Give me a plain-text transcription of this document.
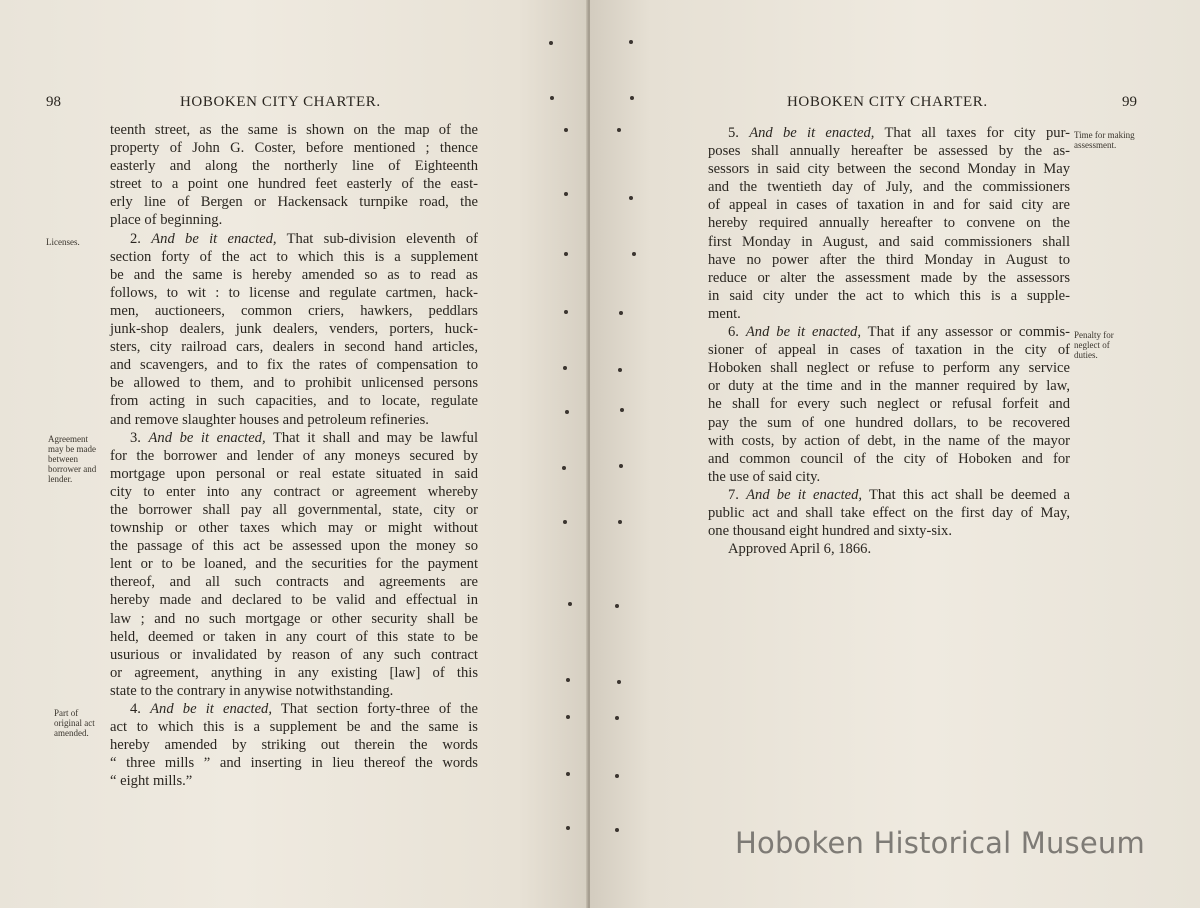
98	HOBOKEN CITY CHARTER.
teenth street, as the same is shown on the map of the
property of John G. Coster, before mentioned ; thence
easterly and along the northerly line of Eighteenth
street to a point one hundred feet easterly of the east-
erly line of Bergen or Hackensack turnpike road, the
place of beginning.
2. And be it enacted, That sub-division eleventh of
section forty of the act to which this is a supplement
be and the same is hereby amended so as to read as
follows, to wit : to license and regulate cartmen, hack-
men, auctioneers, common criers, hawkers, peddlars
junk-shop dealers, junk dealers, venders, porters, huck-
sters, city railroad cars, dealers in second hand articles,
and scavengers, and to fix the rates of compensation to
be allowed to them, and to prohibit unlicensed persons
from acting in such capacities, and to locate, regulate
and remove slaughter houses and petroleum refineries.
3. And be it enacted, That it shall and may be lawful
for the borrower and lender of any moneys secured by
mortgage upon personal or real estate situated in said
city to enter into any contract or agreement whereby
the borrower shall pay all governmental, state, city or
township or other taxes which may or might without
the passage of this act be assessed upon the money so
lent or to be loaned, and the securities for the payment
thereof, and all such contracts and agreements are
hereby made and declared to be valid and effectual in
law ; and no such mortgage or other security shall be
held, deemed or taken in any court of this state to be
usurious or invalidated by reason of any such contract
or agreement, anything in any existing [law] of this
state to the contrary in anywise notwithstanding.
4. And be it enacted, That section forty-three of the
act to which this is a supplement be and the same is
hereby amended by striking out therein the words
“ three mills ” and inserting in lieu thereof the words
“ eight mills.”
Licenses.
Agreement may be made between borrower and lender.
Part of original act amended.
HOBOKEN CITY CHARTER.	99
5. And be it enacted, That all taxes for city pur-
poses shall annually hereafter be assessed by the as-
sessors in said city between the second Monday in May
and the twentieth day of July, and the commissioners
of appeal in cases of taxation in and for said city are
hereby required annually hereafter to convene on the
first Monday in August, and said commissioners shall
have no power after the third Monday in August to
reduce or alter the assessment made by the assessors
in said city under the act to which this is a supple-
ment.
6. And be it enacted, That if any assessor or commis-
sioner of appeal in cases of taxation in the city of
Hoboken shall neglect or refuse to perform any service
or duty at the time and in the manner required by law,
he shall for every such neglect or refusal forfeit and
pay the sum of one hundred dollars, to be recovered
with costs, by action of debt, in the name of the mayor
and common council of the city of Hoboken and for
the use of said city.
7. And be it enacted, That this act shall be deemed a
public act and shall take effect on the first day of May,
one thousand eight hundred and sixty-six.
Approved April 6, 1866.
Time for making assessment.
Penalty for neglect of duties.
Hoboken Historical Museum
